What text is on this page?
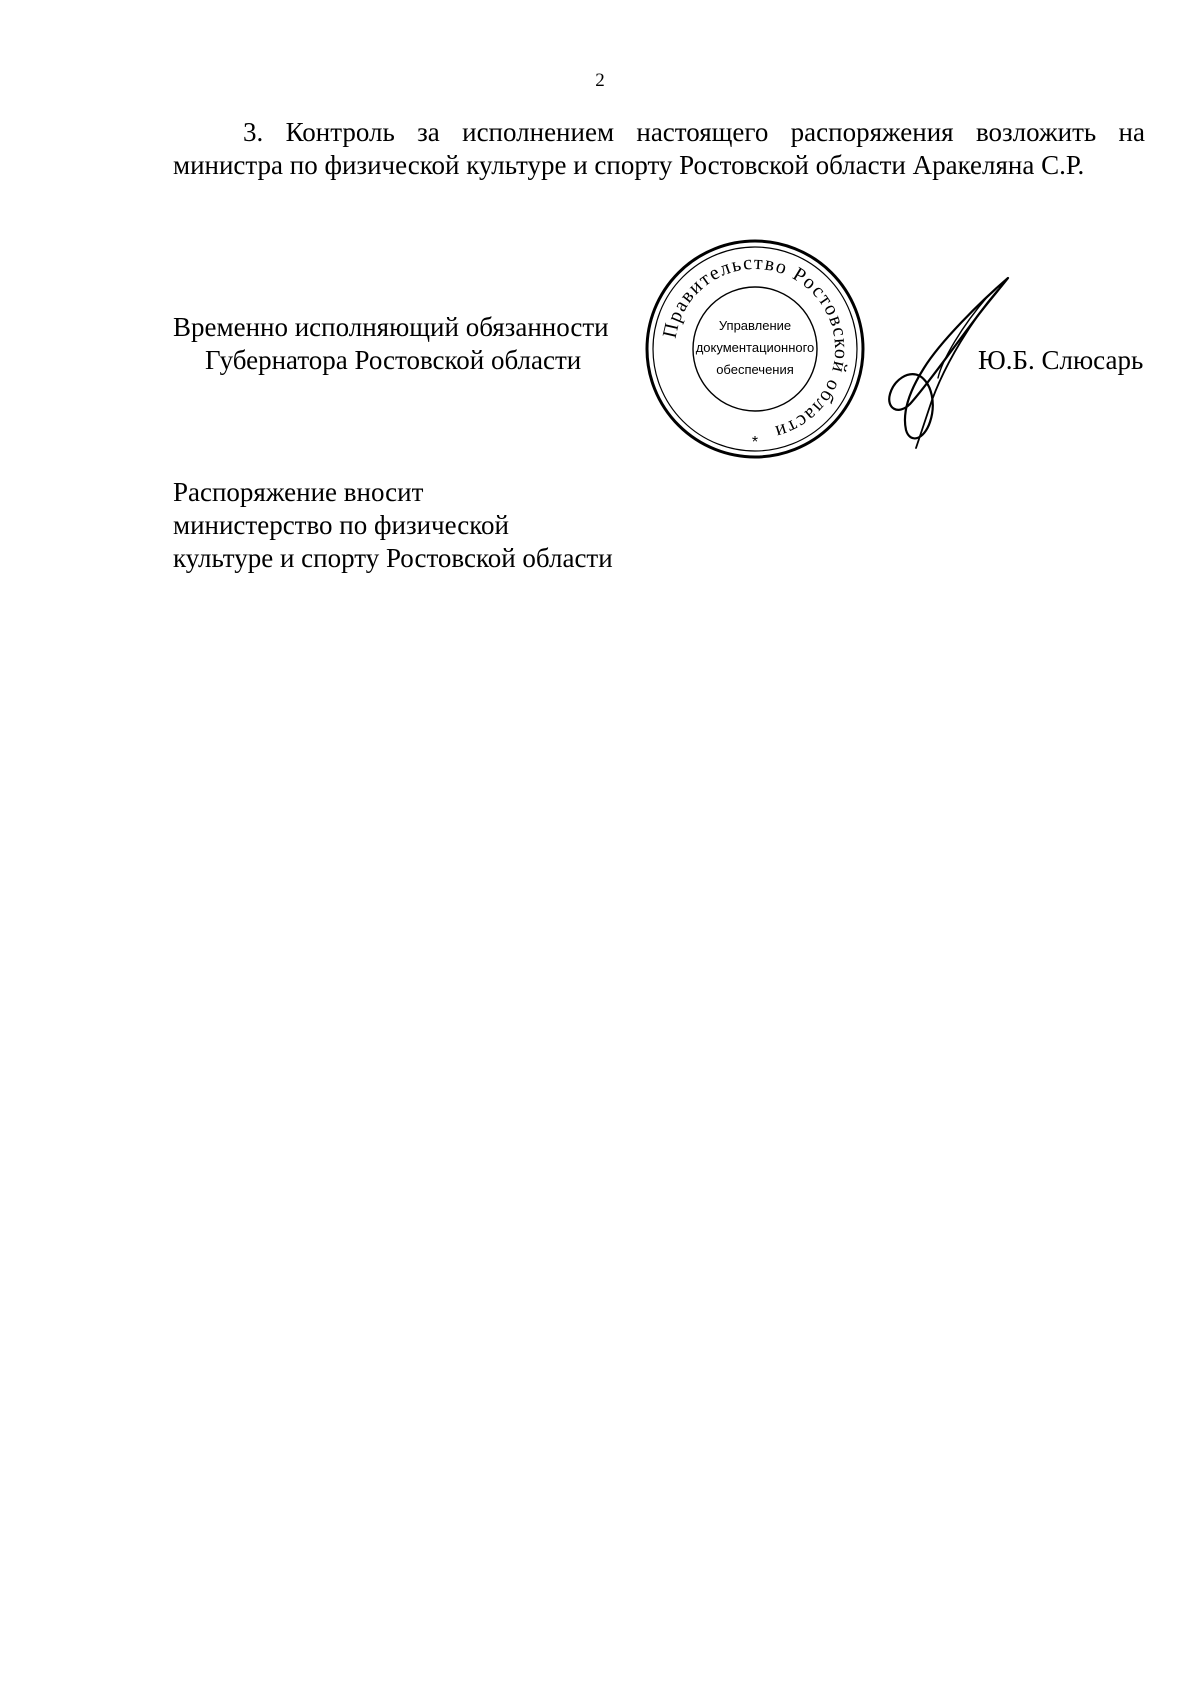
2

3. Контроль за исполнением настоящего распоряжения возложить на министра по физической культуре и спорту Ростовской области Аракеляна С.Р.

Временно исполняющий обязанности
Губернатора Ростовской области
Правительство Ростовской области
Управление
документационного
обеспечения
*
Ю.Б. Слюсарь
Распоряжение вносит
министерство по физической
культуре и спорту Ростовской области
